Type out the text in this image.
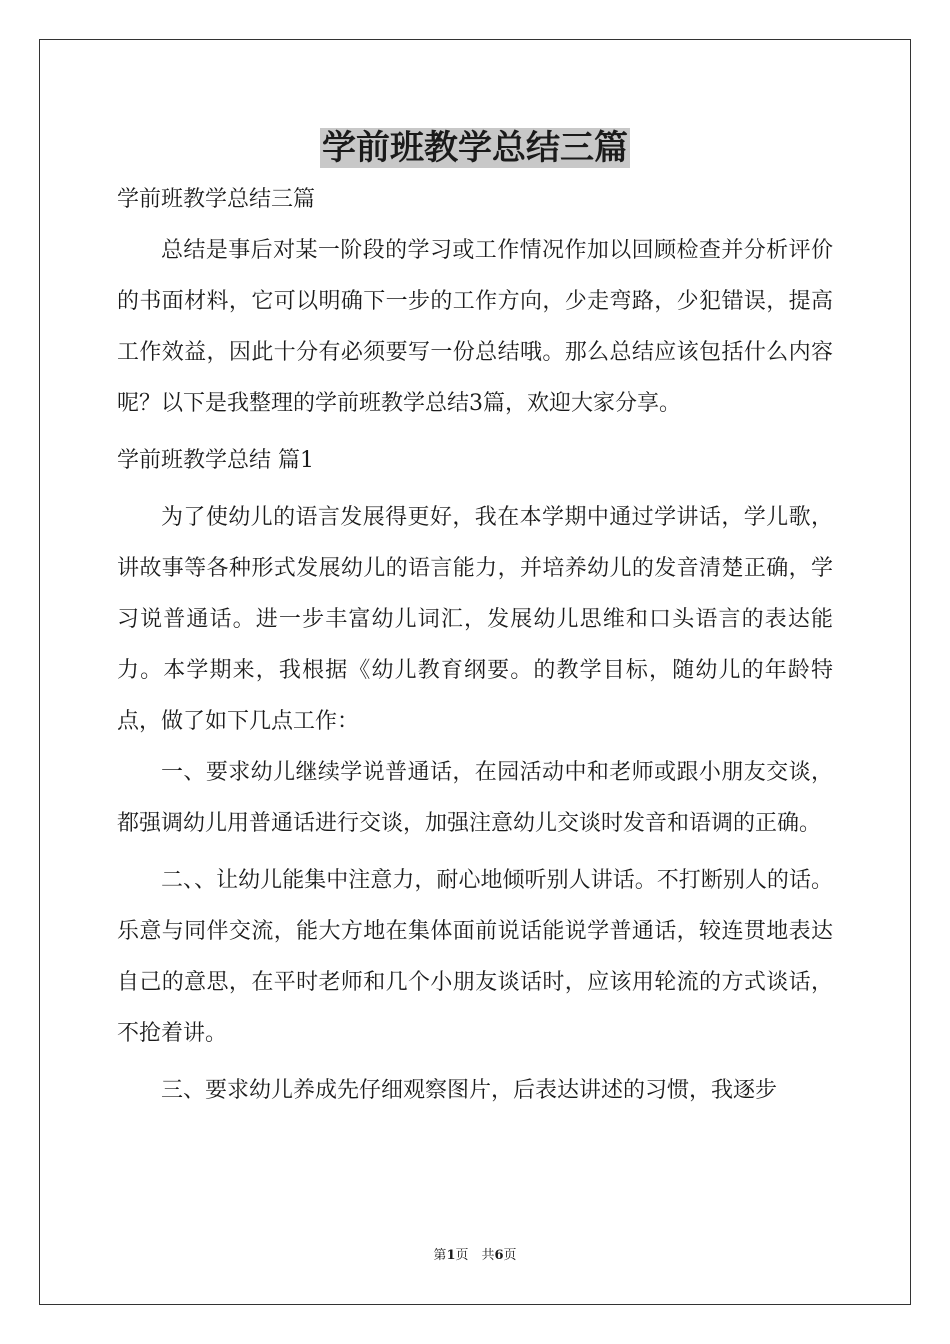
学前班教学总结三篇

学前班教学总结三篇

总结是事后对某一阶段的学习或工作情况作加以回顾检查并分析评价的书面材料，它可以明确下一步的工作方向，少走弯路，少犯错误，提高工作效益，因此十分有必须要写一份总结哦。那么总结应该包括什么内容呢？以下是我整理的学前班教学总结3篇，欢迎大家分享。

学前班教学总结 篇1

为了使幼儿的语言发展得更好，我在本学期中通过学讲话，学儿歌，讲故事等各种形式发展幼儿的语言能力，并培养幼儿的发音清楚正确，学习说普通话。进一步丰富幼儿词汇，发展幼儿思维和口头语言的表达能力。本学期来，我根据《幼儿教育纲要。的教学目标，随幼儿的年龄特点，做了如下几点工作：

一、要求幼儿继续学说普通话，在园活动中和老师或跟小朋友交谈，都强调幼儿用普通话进行交谈，加强注意幼儿交谈时发音和语调的正确。

二、、让幼儿能集中注意力，耐心地倾听别人讲话。不打断别人的话。乐意与同伴交流，能大方地在集体面前说话能说学普通话，较连贯地表达自己的意思，在平时老师和几个小朋友谈话时，应该用轮流的方式谈话，不抢着讲。

三、要求幼儿养成先仔细观察图片，后表达讲述的习惯，我逐步

第1页　共6页
